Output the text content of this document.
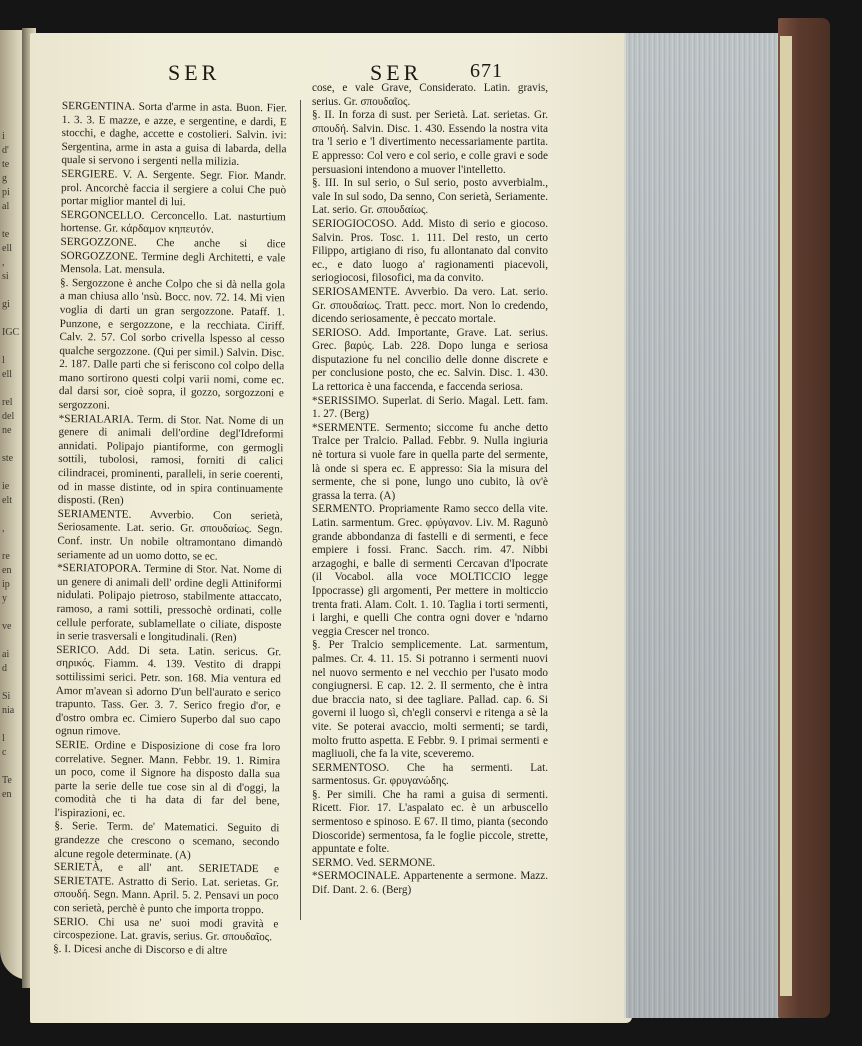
i
d'
te
g
pi
al

te
ell
,
si

gi

IGC

l
ell

rel
del
ne

ste

ie
elt

,

re
en
ip
y

ve

ai
d

Si
nia

l
c

Te
en
SER	SER 671

SERGENTINA. Sorta d'arme in asta. Buon. Fier. 1. 3. 3. E mazze, e azze, e sergentine, e dardi, E stocchi, e daghe, accette e costolieri. Salvin. ivi: Sergentina, arme in asta a guisa di labarda, della quale si servono i sergenti nella milizia.

SERGIERE. V. A. Sergente. Segr. Fior. Mandr. prol. Ancorchè faccia il sergiere a colui Che può portar miglior mantel di lui.

SERGONCELLO. Cerconcello. Lat. nasturtium hortense. Gr. κάρδαμον κηπευτόν.

SERGOZZONE. Che anche si dice SORGOZZONE. Termine degli Architetti, e vale Mensola. Lat. mensula.

§. Sergozzone è anche Colpo che si dà nella gola a man chiusa allo 'nsù. Bocc. nov. 72. 14. Mi vien voglia di darti un gran sergozzone. Pataff. 1. Punzone, e sergozzone, e la recchiata. Ciriff. Calv. 2. 57. Col sorbo crivella lspesso al cesso qualche sergozzone. (Qui per simil.) Salvin. Disc. 2. 187. Dalle parti che si feriscono col colpo della mano sortirono questi colpi varii nomi, come ec. dal darsi sor, cioè sopra, il gozzo, sorgozzoni e sergozzoni.

*SERIALARIA. Term. di Stor. Nat. Nome di un genere di animali dell'ordine degl'Idreformi annidati. Polipajo piantiforme, con germogli sottili, tubolosi, ramosi, forniti di calici cilindracei, prominenti, paralleli, in serie coerenti, od in masse distinte, od in spira continuamente disposti. (Ren)

SERIAMENTE. Avverbio. Con serietà, Seriosamente. Lat. serio. Gr. σπουδαίως. Segn. Conf. instr. Un nobile oltramontano dimandò seriamente ad un uomo dotto, se ec.

*SERIATOPORA. Termine di Stor. Nat. Nome di un genere di animali dell' ordine degli Attiniformi nidulati. Polipajo pietroso, stabilmente attaccato, ramoso, a rami sottili, pressochè ordinati, colle cellule perforate, sublamellate o ciliate, disposte in serie trasversali e longitudinali. (Ren)

SERICO. Add. Di seta. Latin. sericus. Gr. σηρικός. Fiamm. 4. 139. Vestito di drappi sottilissimi serici. Petr. son. 168. Mia ventura ed Amor m'avean sì adorno D'un bell'aurato e serico trapunto. Tass. Ger. 3. 7. Serico fregio d'or, e d'ostro ombra ec. Cimiero Superbo dal suo capo ognun rimove.

SERIE. Ordine e Disposizione di cose fra loro correlative. Segner. Mann. Febbr. 19. 1. Rimira un poco, come il Signore ha disposto dalla sua parte la serie delle tue cose sin al di d'oggi, la comodità che ti ha data di far del bene, l'ispirazioni, ec.

§. Serie. Term. de' Matematici. Seguito di grandezze che crescono o scemano, secondo alcune regole determinate. (A)

SERIETÀ, e all' ant. SERIETADE e SERIETATE. Astratto di Serio. Lat. serietas. Gr. σπουδή. Segn. Mann. April. 5. 2. Pensavi un poco con serietà, perchè è punto che importa troppo.

SERIO. Chi usa ne' suoi modi gravità e circospezione. Lat. gravis, serius. Gr. σπουδαῖος.

§. I. Dicesi anche di Discorso e di altre

cose, e vale Grave, Considerato. Latin. gravis, serius. Gr. σπουδαῖος.

§. II. In forza di sust. per Serietà. Lat. serietas. Gr. σπουδή. Salvin. Disc. 1. 430. Essendo la nostra vita tra 'l serio e 'l divertimento necessariamente partita. E appresso: Col vero e col serio, e colle gravi e sode persuasioni intendono a muover l'intelletto.

§. III. In sul serio, o Sul serio, posto avverbialm., vale In sul sodo, Da senno, Con serietà, Seriamente. Lat. serio. Gr. σπουδαίως.

SERIOGIOCOSO. Add. Misto di serio e giocoso. Salvin. Pros. Tosc. 1. 111. Del resto, un certo Filippo, artigiano di riso, fu allontanato dal convito ec., e dato luogo a' ragionamenti piacevoli, seriogiocosi, filosofici, ma da convito.

SERIOSAMENTE. Avverbio. Da vero. Lat. serio. Gr. σπουδαίως. Tratt. pecc. mort. Non lo credendo, dicendo seriosamente, è peccato mortale.

SERIOSO. Add. Importante, Grave. Lat. serius. Grec. βαρύς. Lab. 228. Dopo lunga e seriosa disputazione fu nel concilio delle donne discrete e per conclusione posto, che ec. Salvin. Disc. 1. 430. La rettorica è una faccenda, e faccenda seriosa.

*SERISSIMO. Superlat. di Serio. Magal. Lett. fam. 1. 27. (Berg)

*SERMENTE. Sermento; siccome fu anche detto Tralce per Tralcio. Pallad. Febbr. 9. Nulla ingiuria nè tortura si vuole fare in quella parte del sermente, là onde si spera ec. E appresso: Sia la misura del sermente, che si pone, lungo uno cubito, là ov'è grassa la terra. (A)

SERMENTO. Propriamente Ramo secco della vite. Latin. sarmentum. Grec. φρύγανον. Liv. M. Ragunò grande abbondanza di fastelli e di sermenti, e fece empiere i fossi. Franc. Sacch. rim. 47. Nibbi arzagoghi, e balle di sermenti Cercavan d'Ipocrate (il Vocabol. alla voce MOLTICCIO legge Ippocrasse) gli argomenti, Per mettere in molticcio trenta frati. Alam. Colt. 1. 10. Taglia i torti sermenti, i larghi, e quelli Che contra ogni dover e 'ndarno veggia Crescer nel tronco.

§. Per Tralcio semplicemente. Lat. sarmentum, palmes. Cr. 4. 11. 15. Si potranno i sermenti nuovi nel nuovo sermento e nel vecchio per l'usato modo congiugnersi. E cap. 12. 2. Il sermento, che è intra due braccia nato, si dee tagliare. Pallad. cap. 6. Si governi il luogo sì, ch'egli conservi e ritenga a sè la vite. Se poterai avaccio, molti sermenti; se tardi, molto frutto aspetta. E Febbr. 9. I primai sermenti e magliuoli, che fa la vite, sceveremo.

SERMENTOSO. Che ha sermenti. Lat. sarmentosus. Gr. φρυγανώδης.

§. Per simili. Che ha rami a guisa di sermenti. Ricett. Fior. 17. L'aspalato ec. è un arbuscello sermentoso e spinoso. E 67. Il timo, pianta (secondo Dioscoride) sermentosa, fa le foglie piccole, strette, appuntate e folte.

SERMO. Ved. SERMONE.

*SERMOCINALE. Appartenente a sermone. Mazz. Dif. Dant. 2. 6. (Berg)
